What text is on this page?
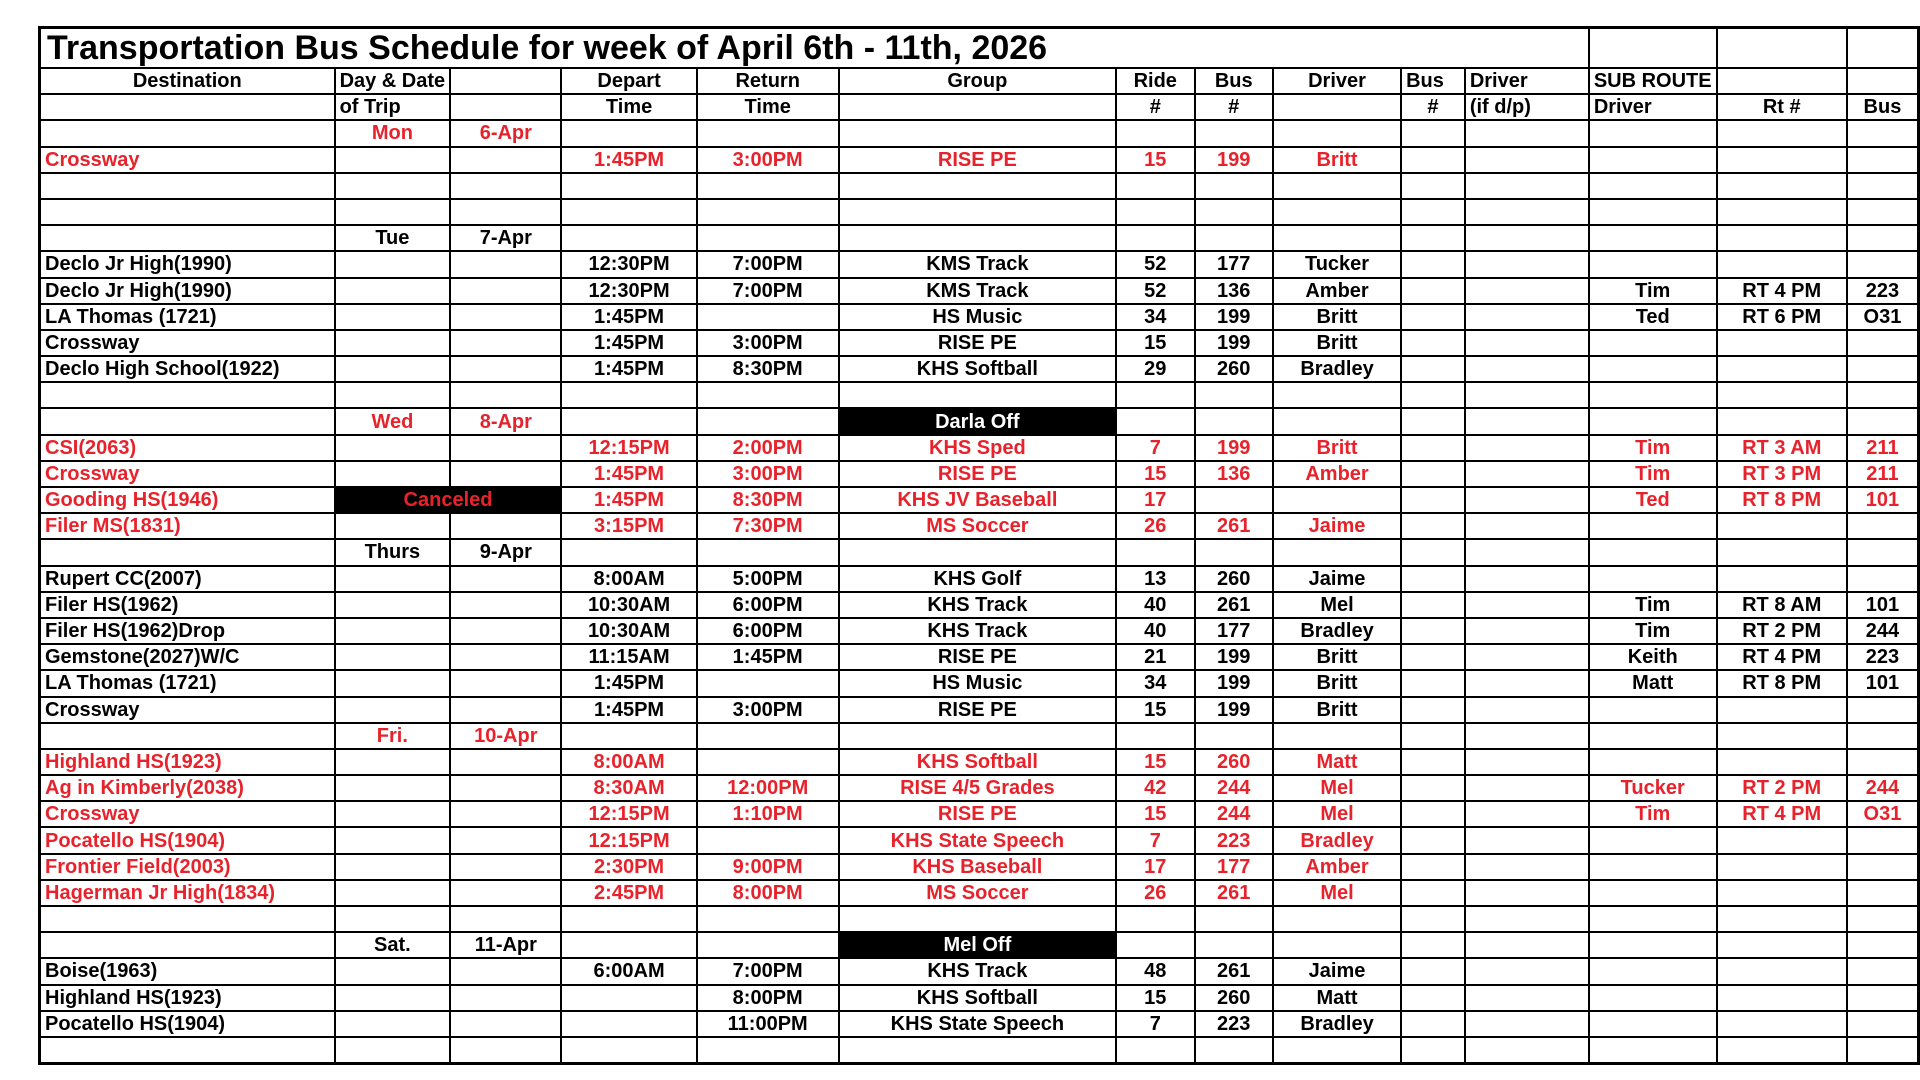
Transportation Bus Schedule for week of April 6th - 11th, 2026													
Destination	Day & Date		Depart	Return	Group	Ride	Bus	Driver	Bus	Driver	SUB ROUTE		
	of Trip		Time	Time		#	#		#	(if d/p)	Driver	Rt #	Bus
	Mon	6-Apr											
Crossway			1:45PM	3:00PM	RISE PE	15	199	Britt					

	Tue	7-Apr											
Declo Jr High(1990)			12:30PM	7:00PM	KMS Track	52	177	Tucker					
Declo Jr High(1990)			12:30PM	7:00PM	KMS Track	52	136	Amber			Tim	RT 4 PM	223
LA Thomas (1721)			1:45PM		HS Music	34	199	Britt			Ted	RT 6 PM	O31
Crossway			1:45PM	3:00PM	RISE PE	15	199	Britt					
Declo High School(1922)			1:45PM	8:30PM	KHS Softball	29	260	Bradley					

	Wed	8-Apr			Darla Off								
CSI(2063)			12:15PM	2:00PM	KHS Sped	7	199	Britt			Tim	RT 3 AM	211
Crossway			1:45PM	3:00PM	RISE PE	15	136	Amber			Tim	RT 3 PM	211
Gooding HS(1946)	Canceled		1:45PM	8:30PM	KHS JV Baseball	17					Ted	RT 8 PM	101
Filer MS(1831)			3:15PM	7:30PM	MS Soccer	26	261	Jaime					
	Thurs	9-Apr											
Rupert CC(2007)			8:00AM	5:00PM	KHS Golf	13	260	Jaime					
Filer HS(1962)			10:30AM	6:00PM	KHS Track	40	261	Mel			Tim	RT 8 AM	101
Filer HS(1962)Drop			10:30AM	6:00PM	KHS Track	40	177	Bradley			Tim	RT 2 PM	244
Gemstone(2027)W/C			11:15AM	1:45PM	RISE PE	21	199	Britt			Keith	RT 4 PM	223
LA Thomas (1721)			1:45PM		HS Music	34	199	Britt			Matt	RT 8 PM	101
Crossway			1:45PM	3:00PM	RISE PE	15	199	Britt					
	Fri.	10-Apr											
Highland HS(1923)			8:00AM		KHS Softball	15	260	Matt					
Ag in Kimberly(2038)			8:30AM	12:00PM	RISE 4/5 Grades	42	244	Mel			Tucker	RT 2 PM	244
Crossway			12:15PM	1:10PM	RISE PE	15	244	Mel			Tim	RT 4 PM	O31
Pocatello HS(1904)			12:15PM		KHS State Speech	7	223	Bradley					
Frontier Field(2003)			2:30PM	9:00PM	KHS Baseball	17	177	Amber					
Hagerman Jr High(1834)			2:45PM	8:00PM	MS Soccer	26	261	Mel					

	Sat.	11-Apr			Mel Off								
Boise(1963)			6:00AM	7:00PM	KHS Track	48	261	Jaime					
Highland HS(1923)				8:00PM	KHS Softball	15	260	Matt					
Pocatello HS(1904)				11:00PM	KHS State Speech	7	223	Bradley					
